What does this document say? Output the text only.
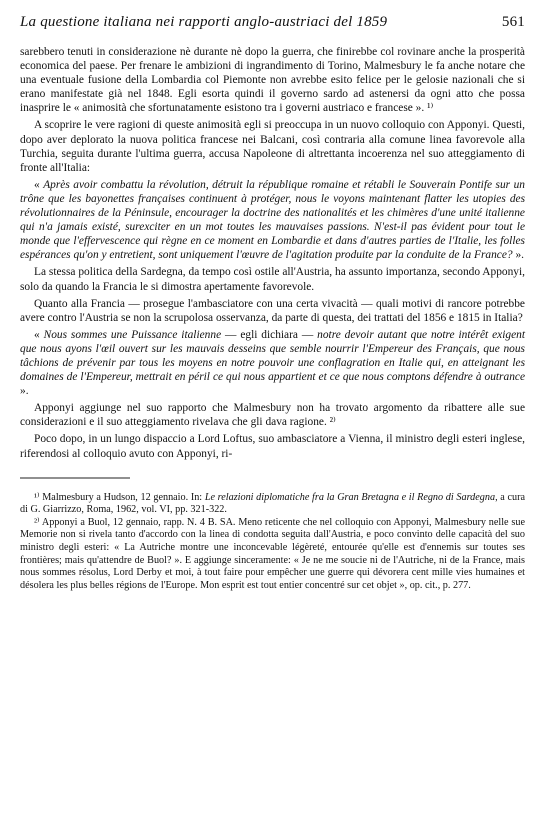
La questione italiana nei rapporti anglo-austriaci del 1859	561

sarebbero tenuti in considerazione nè durante nè dopo la guerra, che finirebbe col rovinare anche la prosperità economica del paese. Per frenare le ambizioni di ingrandimento di Torino, Malmesbury le fa anche notare che una eventuale fusione della Lombardia col Piemonte non avrebbe esito felice per le gelosie nazionali che si erano manifestate già nel 1848. Egli esorta quindi il governo sardo ad astenersi da ogni atto che possa inasprire le « animosità che sfortunatamente esistono tra i governi austriaco e francese ». ¹⁾

A scoprire le vere ragioni di queste animosità egli si preoccupa in un nuovo colloquio con Apponyi. Questi, dopo aver deplorato la nuova politica francese nei Balcani, così contraria alla comune linea favorevole alla Turchia, seguita durante l'ultima guerra, accusa Napoleone di altrettanta incoerenza nel suo atteggiamento di fronte all'Italia:

« Après avoir combattu la révolution, détruit la république romaine et rétabli le Souverain Pontife sur un trône que les bayonettes françaises continuent à protéger, nous le voyons maintenant flatter les utopies des révolutionnaires de la Péninsule, encourager la doctrine des nationalités et les chimères d'une unité italienne qui n'a jamais existé, surexciter en un mot toutes les mauvaises passions. N'est-il pas évident pour tout le monde que l'effervescence qui règne en ce moment en Lombardie et dans d'autres parties de l'Italie, les folles espérances qu'on y entretient, sont uniquement l'œuvre de l'agitation produite par la conduite de la France? ».

La stessa politica della Sardegna, da tempo così ostile all'Austria, ha assunto importanza, secondo Apponyi, solo da quando la Francia le si dimostra apertamente favorevole.

Quanto alla Francia — prosegue l'ambasciatore con una certa vivacità — quali motivi di rancore potrebbe avere contro l'Austria se non la scrupolosa osservanza, da parte di questa, dei trattati del 1856 e 1815 in Italia?

« Nous sommes une Puissance italienne — egli dichiara — notre devoir autant que notre intérêt exigent que nous ayons l'œil ouvert sur les mauvais desseins que semble nourrir l'Empereur des Français, que nous tâchions de prévenir par tous les moyens en notre pouvoir une conflagration en Italie qui, en atteignant les domaines de l'Empereur, mettrait en péril ce qui nous appartient et ce que nous comptons défendre à outrance ».

Apponyi aggiunge nel suo rapporto che Malmesbury non ha trovato argomento da ribattere alle sue considerazioni e il suo atteggiamento rivelava che gli dava ragione. ²⁾

Poco dopo, in un lungo dispaccio a Lord Loftus, suo ambasciatore a Vienna, il ministro degli esteri inglese, riferendosi al colloquio avuto con Apponyi, ri-

¹⁾ Malmesbury a Hudson, 12 gennaio. In: Le relazioni diplomatiche fra la Gran Bretagna e il Regno di Sardegna, a cura di G. Giarrizzo, Roma, 1962, vol. VI, pp. 321-322.

²⁾ Apponyi a Buol, 12 gennaio, rapp. N. 4 B. SA. Meno reticente che nel colloquio con Apponyi, Malmesbury nelle sue Memorie non si rivela tanto d'accordo con la linea di condotta seguita dall'Austria, e poco convinto delle capacità del suo ministro degli esteri: « La Autriche montre une inconcevable légèreté, entourée qu'elle est d'ennemis sur toutes ses frontières; mais qu'attendre de Buol? ». E aggiunge sinceramente: « Je ne me soucie ni de l'Autriche, ni de la France, mais nous sommes résolus, Lord Derby et moi, à tout faire pour empêcher une guerre qui dévorera cent mille vies humaines et désolera les plus belles régions de l'Europe. Mon esprit est tout entier concentré sur cet objet », op. cit., p. 277.
